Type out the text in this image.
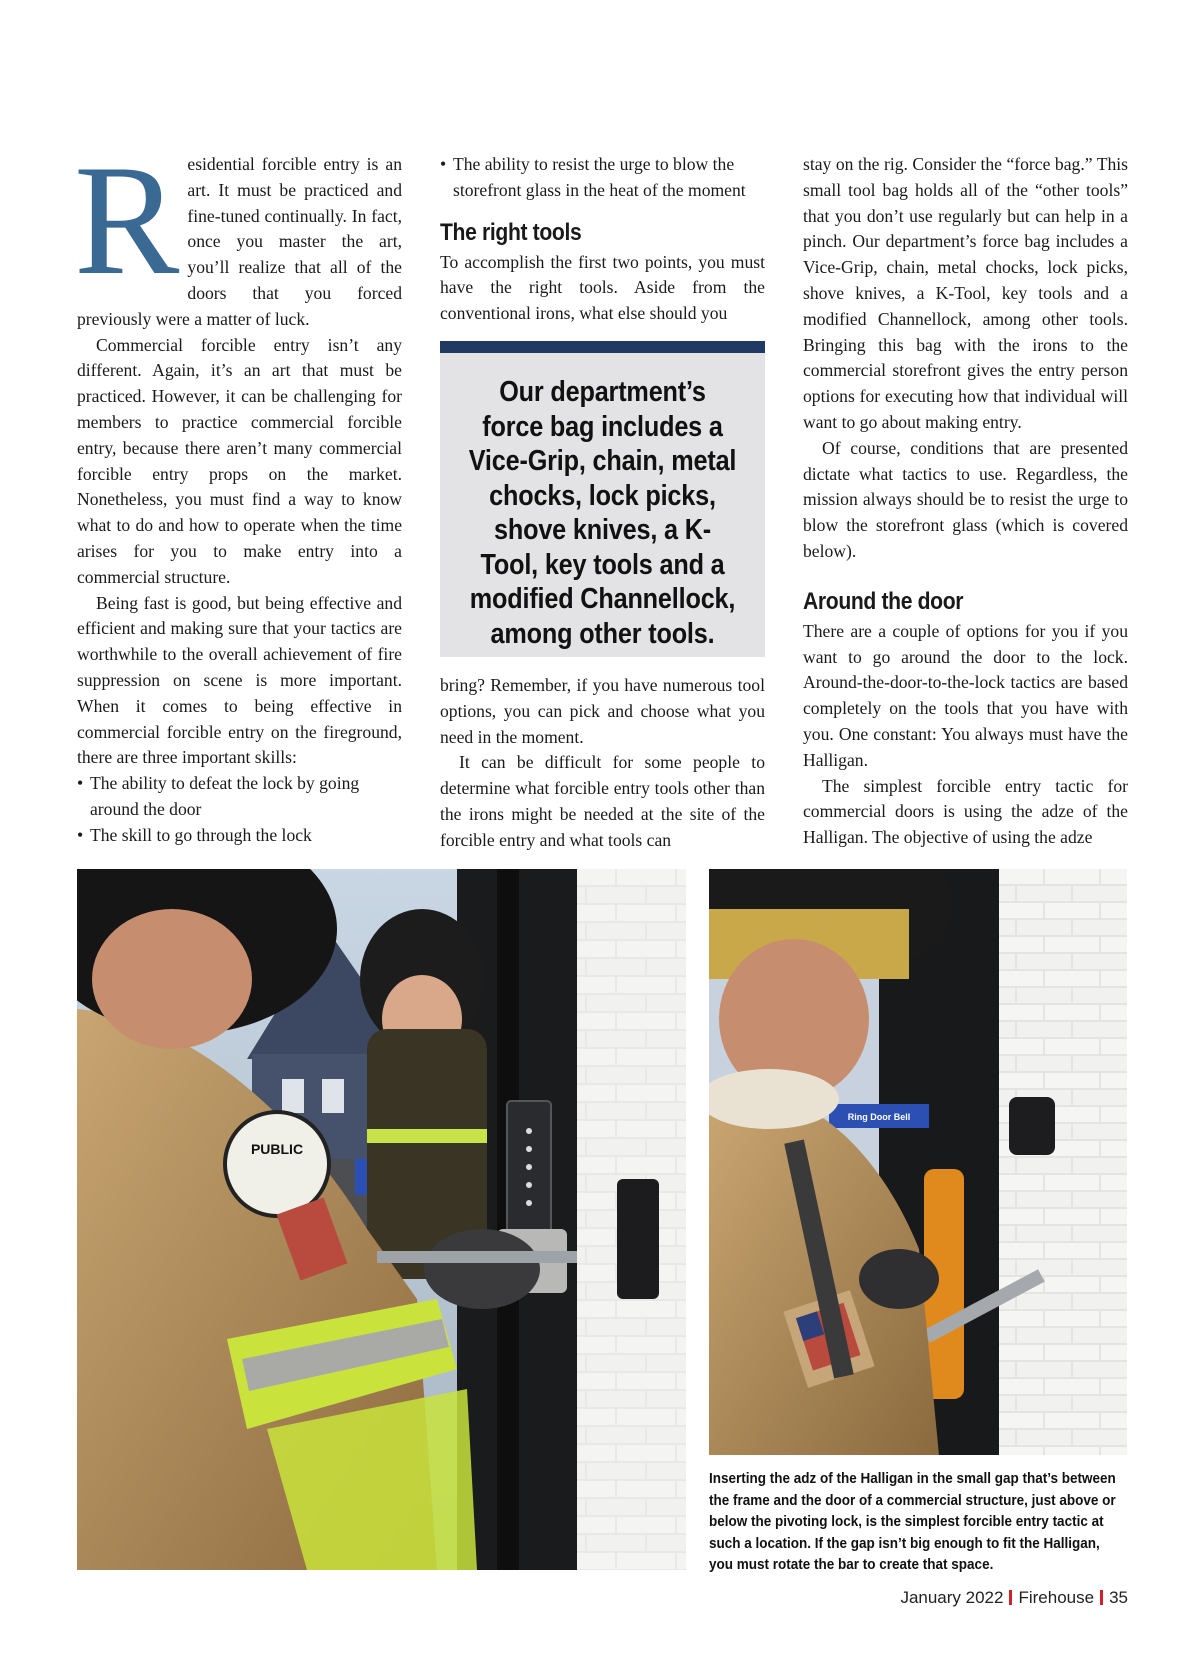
Residential forcible entry is an art. It must be practiced and fine-tuned continually. In fact, once you master the art, you’ll realize that all of the doors that you forced previously were a matter of luck.

Commercial forcible entry isn’t any different. Again, it’s an art that must be practiced. However, it can be challenging for members to practice commercial forcible entry, because there aren’t many commercial forcible entry props on the market. Nonetheless, you must find a way to know what to do and how to operate when the time arises for you to make entry into a commercial structure.

Being fast is good, but being effective and efficient and making sure that your tactics are worthwhile to the overall achievement of fire suppression on scene is more important. When it comes to being effective in commercial forcible entry on the fireground, there are three important skills:

• The ability to defeat the lock by going around the door
• The skill to go through the lock
• The ability to resist the urge to blow the storefront glass in the heat of the moment
The right tools

To accomplish the first two points, you must have the right tools. Aside from the conventional irons, what else should you

bring? Remember, if you have numerous tool options, you can pick and choose what you need in the moment.

It can be difficult for some people to determine what forcible entry tools other than the irons might be needed at the site of the forcible entry and what tools can

Our department’s force bag includes a Vice-Grip, chain, metal chocks, lock picks, shove knives, a K-Tool, key tools and a modified Channellock, among other tools.

stay on the rig. Consider the “force bag.” This small tool bag holds all of the “other tools” that you don’t use regularly but can help in a pinch. Our department’s force bag includes a Vice-Grip, chain, metal chocks, lock picks, shove knives, a K-Tool, key tools and a modified Channellock, among other tools. Bringing this bag with the irons to the commercial storefront gives the entry person options for executing how that individual will want to go about making entry.

Of course, conditions that are presented dictate what tactics to use. Regardless, the mission always should be to resist the urge to blow the storefront glass (which is covered below).

Around the door

There are a couple of options for you if you want to go around the door to the lock. Around-the-door-to-the-lock tactics are based completely on the tools that you have with you. One constant: You always must have the Halligan.

The simplest forcible entry tactic for commercial doors is using the adze of the Halligan. The objective of using the adze

PUBLIC
Ring Door Bell
Inserting the adz of the Halligan in the small gap that’s between the frame and the door of a commercial structure, just above or below the pivoting lock, is the simplest forcible entry tactic at such a location. If the gap isn’t big enough to fit the Halligan, you must rotate the bar to create that space.
January 2022 Firehouse 35
